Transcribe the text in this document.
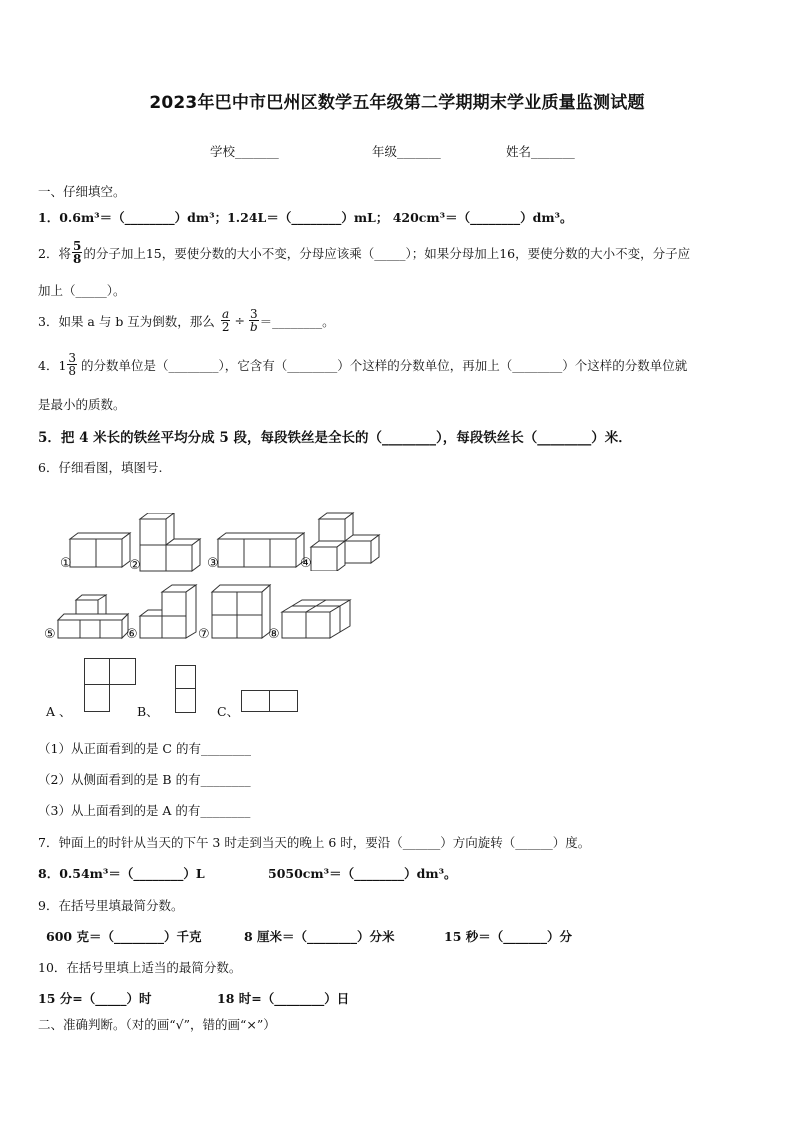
2023年巴中市巴州区数学五年级第二学期期末学业质量监测试题
学校_______	年级_______	姓名_______
一、仔细填空。
1．0.6m³＝（________）dm³；1.24L＝（________）mL； 420cm³＝（________）dm³。
2．将 $\frac{5}{8}$ 的分子加上15，要使分数的大小不变，分母应该乘（_____）；如果分母加上16，要使分数的大小不变，分子应
加上（_____）。
3．如果 a 与 b 互为倒数，那么 $\frac{a}{2} \div \frac{3}{b}$ ＝________。
4．$1 \frac{3}{8}$ 的分数单位是（________），它含有（________）个这样的分数单位，再加上（________）个这样的分数单位就
是最小的质数。
5．把 4 米长的铁丝平均分成 5 段，每段铁丝是全长的（________），每段铁丝长（________）米．
6．仔细看图，填图号.
①	②	③	④
⑤	⑥	⑦	⑧
A 、	B、	C、
（1）从正面看到的是 C 的有________
（2）从侧面看到的是 B 的有________
（3）从上面看到的是 A 的有________
7．钟面上的时针从当天的下午 3 时走到当天的晚上 6 时，要沿（______）方向旋转（______）度。
8．0.54m³＝（________）L	5050cm³＝（________）dm³。
9．在括号里填最简分数。
600 克＝（________）千克	8 厘米＝（________）分米	15 秒＝（_______）分
10．在括号里填上适当的最简分数。
15 分=（_____）时	18 时=（________）日
二、准确判断。（对的画“√”，错的画“×”）
